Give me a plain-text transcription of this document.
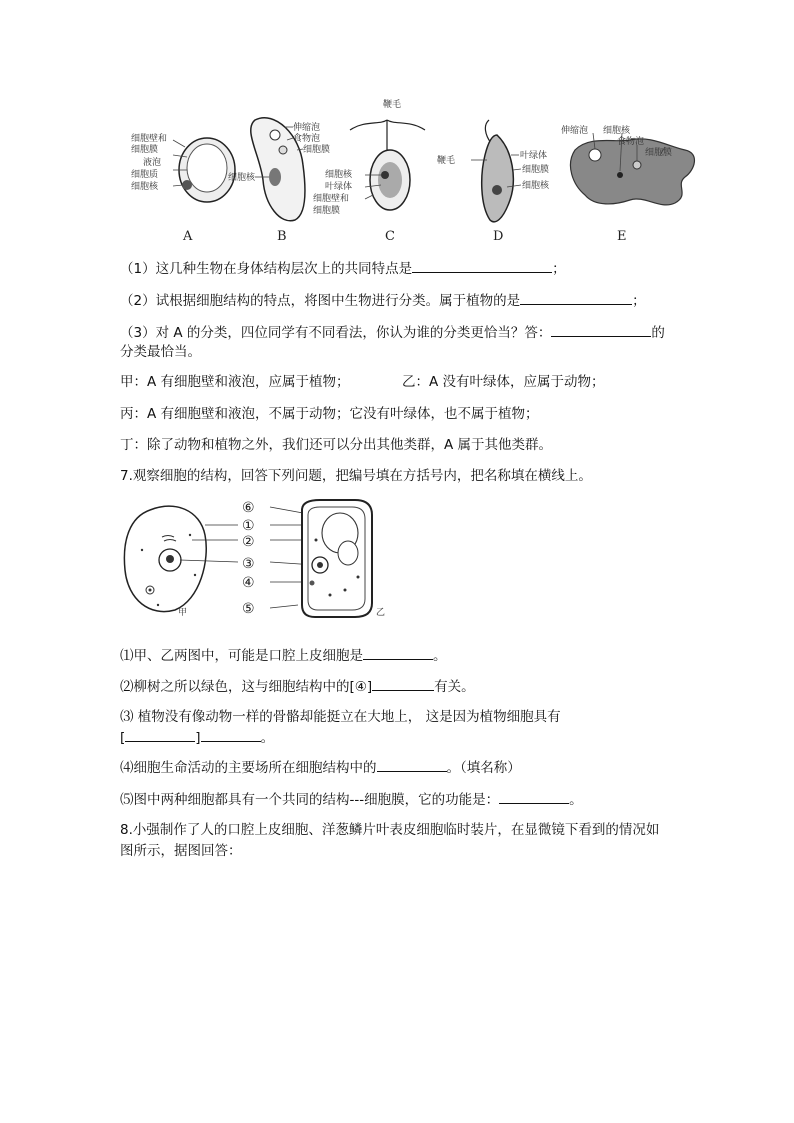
细胞壁和
细胞膜
液泡
细胞质
细胞核
A
伸缩泡
食物泡
细胞膜
细胞核
B
鞭毛
细胞核
叶绿体
细胞壁和
细胞膜
C
鞭毛	叶绿体
细胞膜
细胞核
D
伸缩泡 细胞核
食物泡
细胞膜
E
（1）这几种生物在身体结构层次上的共同特点是	；
（2）试根据细胞结构的特点，将图中生物进行分类。属于植物的是	；
（3）对 A 的分类，四位同学有不同看法，你认为谁的分类更恰当？答：	的
分类最恰当。
甲：A 有细胞壁和液泡，应属于植物；	乙：A 没有叶绿体，应属于动物；
丙：A 有细胞壁和液泡，不属于动物；它没有叶绿体，也不属于植物；
丁：除了动物和植物之外，我们还可以分出其他类群，A 属于其他类群。
7.观察细胞的结构，回答下列问题，把编号填在方括号内，把名称填在横线上。
甲
⑥
①
②
③
④
⑤	乙
⑴甲、乙两图中，可能是口腔上皮细胞是	。
⑵柳树之所以绿色，这与细胞结构中的[④]	有关。
⑶ 植物没有像动物一样的骨骼却能挺立在大地上， 这是因为植物细胞具有
[	]	。
⑷细胞生命活动的主要场所在细胞结构中的	。（填名称）
⑸图中两种细胞都具有一个共同的结构---细胞膜，它的功能是：	。
8.小强制作了人的口腔上皮细胞、洋葱鳞片叶表皮细胞临时装片，在显微镜下看到的情况如
图所示，据图回答：
